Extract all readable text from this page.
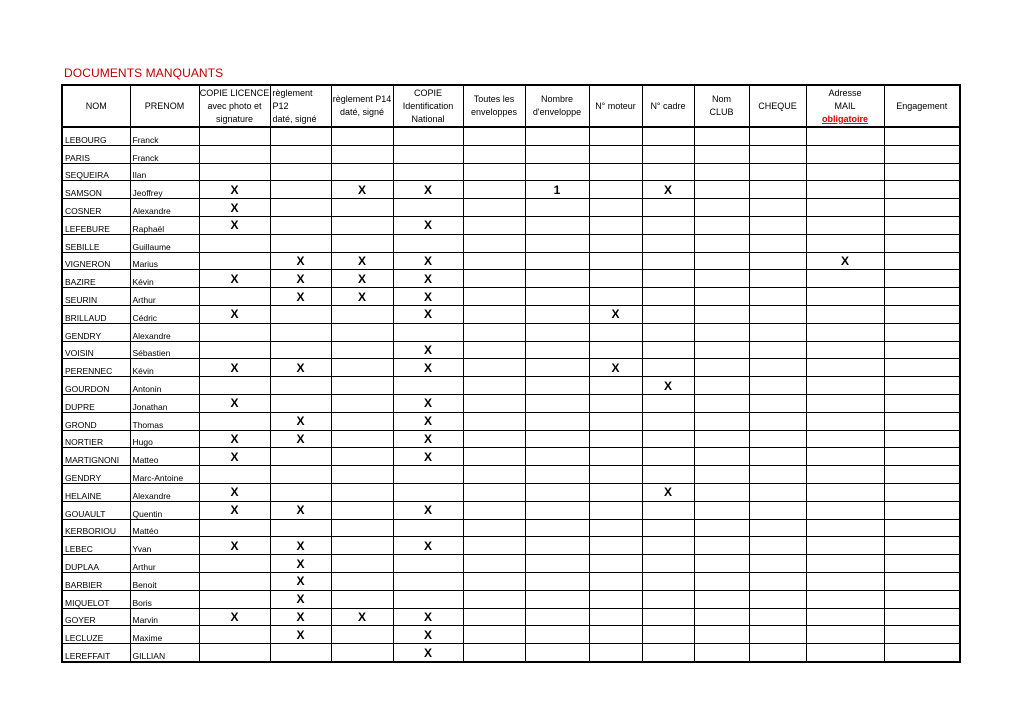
DOCUMENTS MANQUANTS
NOM	PRENOM	COPIE LICENCE
avec photo et
signature	règlement
P12
daté, signé	règlement P14
daté, signé	COPIE
Identification
National	Toutes les
enveloppes	Nombre
d'enveloppe	N° moteur	N° cadre	Nom
CLUB	CHEQUE	Adresse
MAIL
obligatoire	Engagement
LEBOURG	Franck												
PARIS	Franck												
SEQUEIRA	Ilan												
SAMSON	Jeoffrey	X		X	X		1		X				
COSNER	Alexandre	X											
LEFEBURE	Raphaël	X			X								
SEBILLE	Guillaume												
VIGNERON	Marius		X	X	X							X	
BAZIRE	Kévin	X	X	X	X								
SEURIN	Arthur		X	X	X								
BRILLAUD	Cédric	X			X			X					
GENDRY	Alexandre												
VOISIN	Sébastien				X								
PERENNEC	Kévin	X	X		X			X					
GOURDON	Antonin								X				
DUPRE	Jonathan	X			X								
GROND	Thomas		X		X								
NORTIER	Hugo	X	X		X								
MARTIGNONI	Matteo	X			X								
GENDRY	Marc-Antoine												
HELAINE	Alexandre	X							X				
GOUAULT	Quentin	X	X		X								
KERBORIOU	Mattéo												
LEBEC	Yvan	X	X		X								
DUPLAA	Arthur		X										
BARBIER	Benoit		X										
MIQUELOT	Boris		X										
GOYER	Marvin	X	X	X	X								
LECLUZE	Maxime		X		X								
LEREFFAIT	GILLIAN				X								
